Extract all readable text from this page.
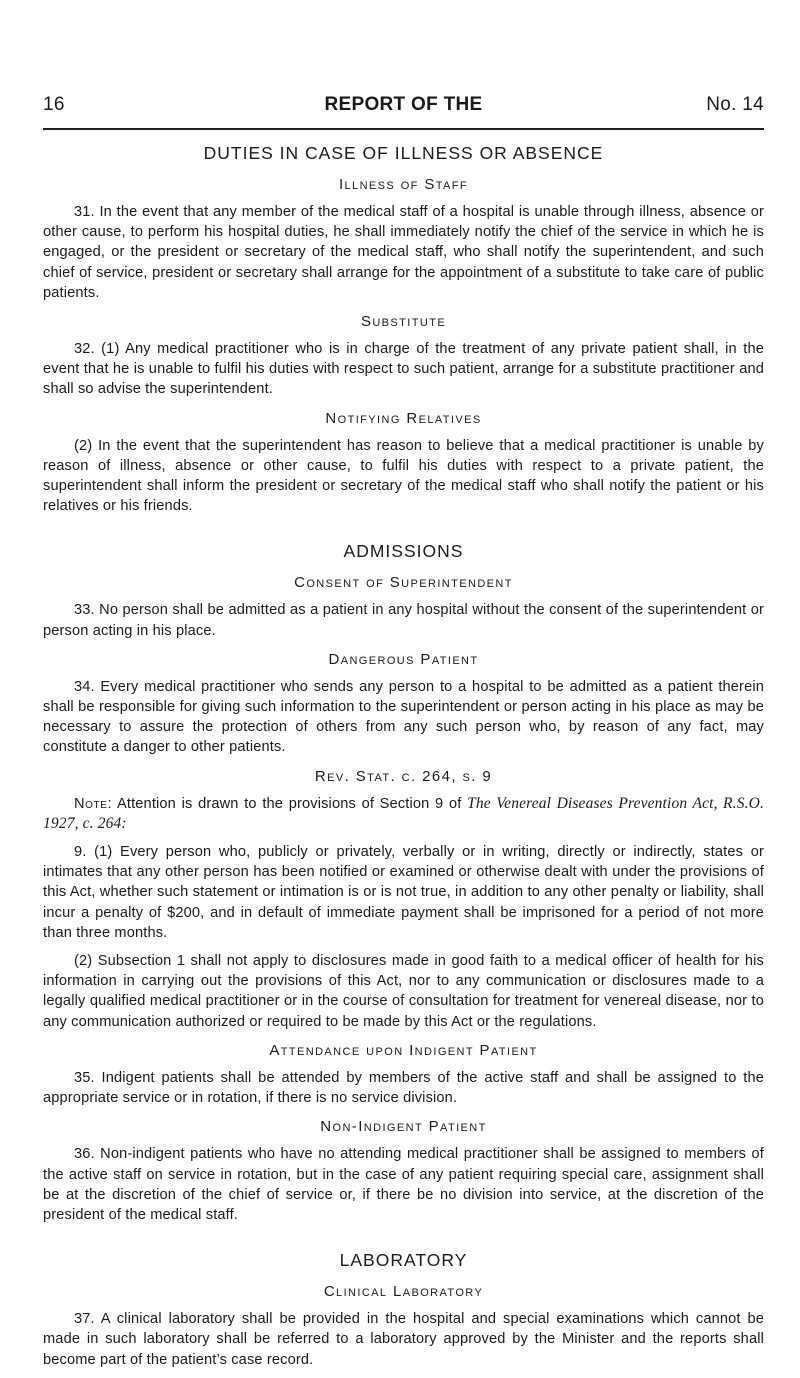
16	REPORT OF THE	No. 14
DUTIES IN CASE OF ILLNESS OR ABSENCE
Illness of Staff

31. In the event that any member of the medical staff of a hospital is unable through illness, absence or other cause, to perform his hospital duties, he shall immediately notify the chief of the service in which he is engaged, or the president or secretary of the medical staff, who shall notify the superintendent, and such chief of service, president or secretary shall arrange for the appointment of a substitute to take care of public patients.

Substitute

32. (1) Any medical practitioner who is in charge of the treatment of any private patient shall, in the event that he is unable to fulfil his duties with respect to such patient, arrange for a substitute practitioner and shall so advise the superintendent.

Notifying Relatives

(2) In the event that the superintendent has reason to believe that a medical practitioner is unable by reason of illness, absence or other cause, to fulfil his duties with respect to a private patient, the superintendent shall inform the president or secretary of the medical staff who shall notify the patient or his relatives or his friends.

ADMISSIONS
Consent of Superintendent

33. No person shall be admitted as a patient in any hospital without the consent of the superintendent or person acting in his place.

Dangerous Patient

34. Every medical practitioner who sends any person to a hospital to be admitted as a patient therein shall be responsible for giving such information to the superintendent or person acting in his place as may be necessary to assure the protection of others from any such person who, by reason of any fact, may constitute a danger to other patients.

Rev. Stat. c. 264, s. 9

Note: Attention is drawn to the provisions of Section 9 of The Venereal Diseases Prevention Act, R.S.O. 1927, c. 264:

9. (1) Every person who, publicly or privately, verbally or in writing, directly or indirectly, states or intimates that any other person has been notified or examined or otherwise dealt with under the provisions of this Act, whether such statement or intimation is or is not true, in addition to any other penalty or liability, shall incur a penalty of $200, and in default of immediate payment shall be imprisoned for a period of not more than three months.

(2) Subsection 1 shall not apply to disclosures made in good faith to a medical officer of health for his information in carrying out the provisions of this Act, nor to any communication or disclosures made to a legally qualified medical practitioner or in the course of consultation for treatment for venereal disease, nor to any communication authorized or required to be made by this Act or the regulations.

Attendance upon Indigent Patient

35. Indigent patients shall be attended by members of the active staff and shall be assigned to the appropriate service or in rotation, if there is no service division.

Non-Indigent Patient

36. Non-indigent patients who have no attending medical practitioner shall be assigned to members of the active staff on service in rotation, but in the case of any patient requiring special care, assignment shall be at the discretion of the chief of service or, if there be no division into service, at the discretion of the president of the medical staff.

LABORATORY
Clinical Laboratory

37. A clinical laboratory shall be provided in the hospital and special examinations which cannot be made in such laboratory shall be referred to a laboratory approved by the Minister and the reports shall become part of the patient’s case record.
